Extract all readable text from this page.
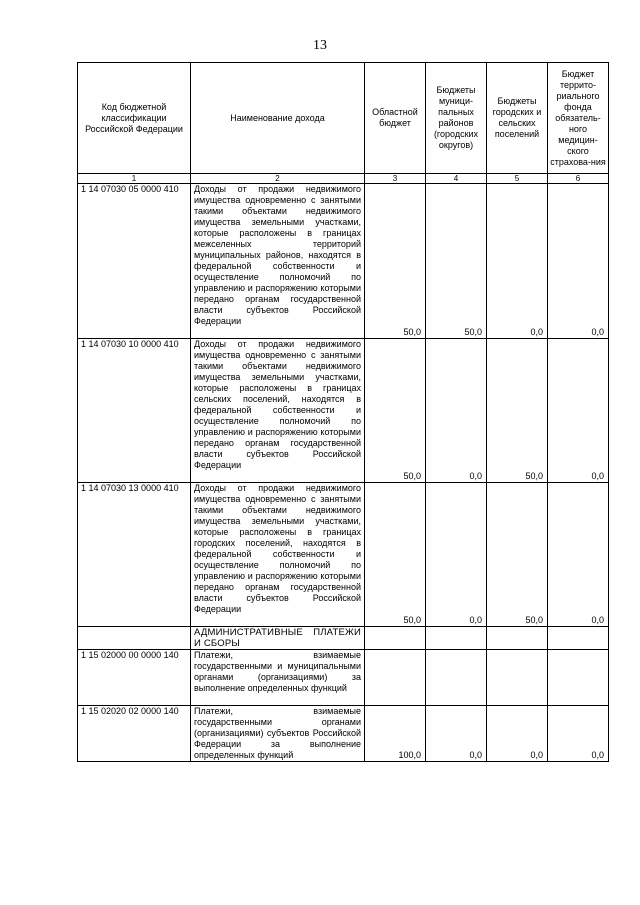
13
Код бюджетной классификации Российской Федерации	Наименование дохода	Областной бюджет	Бюджеты муници-пальных районов (городских округов)	Бюджеты городских и сельских поселений	Бюджет террито-риального фонда обязатель-ного медицин-ского страхова-ния
1	2	3	4	5	6
1 14 07030 05 0000 410	Доходы от продажи недвижимого имущества одновременно с занятыми такими объектами недвижимого имущества земельными участками, которые расположены в границах межселенных территорий муниципальных районов, находятся в федеральной собственности и осуществление полномочий по управлению и распоряжению которыми передано органам государственной власти субъектов Российской Федерации	50,0	50,0	0,0	0,0
1 14 07030 10 0000 410	Доходы от продажи недвижимого имущества одновременно с занятыми такими объектами недвижимого имущества земельными участками, которые расположены в границах сельских поселений, находятся в федеральной собственности и осуществление полномочий по управлению и распоряжению которыми передано органам государственной власти субъектов Российской Федерации	50,0	0,0	50,0	0,0
1 14 07030 13 0000 410	Доходы от продажи недвижимого имущества одновременно с занятыми такими объектами недвижимого имущества земельными участками, которые расположены в границах городских поселений, находятся в федеральной собственности и осуществление полномочий по управлению и распоряжению которыми передано органам государственной власти субъектов Российской Федерации	50,0	0,0	50,0	0,0
	АДМИНИСТРАТИВНЫЕ ПЛАТЕЖИ И СБОРЫ				
1 15 02000 00 0000 140	Платежи, взимаемые государственными и муниципальными органами (организациями) за выполнение определенных функций				
1 15 02020 02 0000 140	Платежи, взимаемые государственными органами (организациями) субъектов Российской Федерации за выполнение определенных функций	100,0	0,0	0,0	0,0
